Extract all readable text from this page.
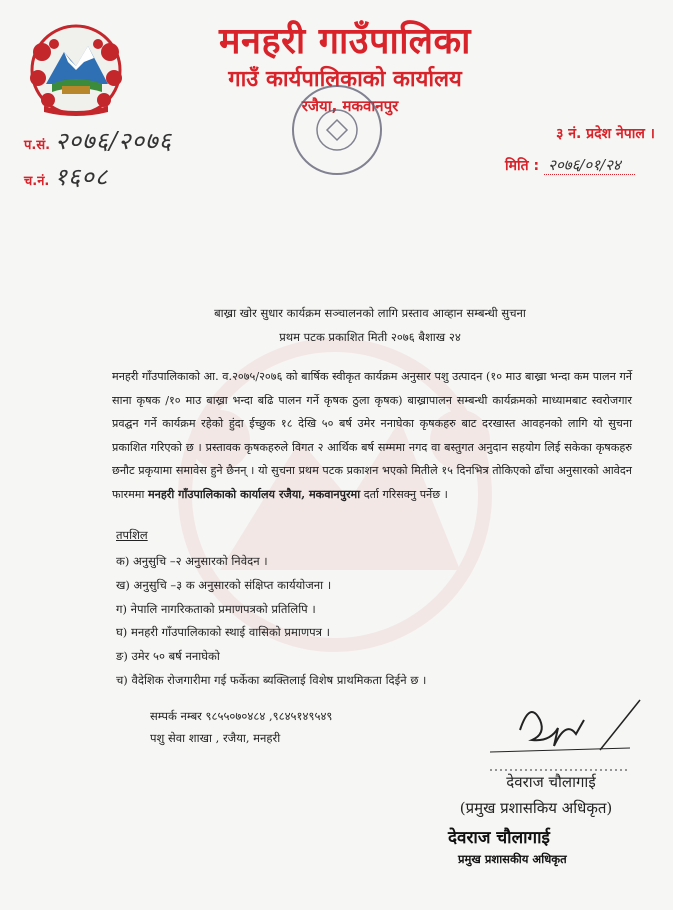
मनहरी गाउँपालिका
गाउँ कार्यपालिकाको कार्यालय
रजैया, मकवानपुर
प.सं. २०७६/२०७६
च.नं. १६०८
३ नं. प्रदेश नेपाल ।
मिति : २०७६/०१/२४
बाख्रा खोर सुधार कार्यक्रम सञ्चालनको लागि प्रस्ताव आव्हान सम्बन्धी सुचना
प्रथम पटक प्रकाशित मिती २०७६ बैशाख २४
मनहरी गाँउपालिकाको आ. व.२०७५/२०७६ को बार्षिक स्वीकृत कार्यक्रम अनुसार पशु उत्पादन (१० माउ बाख्रा भन्दा कम पालन गर्ने साना कृषक /१० माउ बाख्रा भन्दा बढि पालन गर्ने कृषक ठुला कृषक) बाख्रापालन सम्बन्धी कार्यक्रमको माध्यामबाट स्वरोजगार प्रवद्घन गर्ने कार्यक्रम रहेको हुंदा ईच्छुक १८ देखि ५० बर्ष उमेर ननाघेका कृषकहरु बाट दरखास्त आवहनको लागि यो सुचना प्रकाशित गरिएको छ । प्रस्तावक कृषकहरुले विगत २ आर्थिक बर्ष सम्ममा नगद वा बस्तुगत अनुदान सहयोग लिई सकेका कृषकहरु छनौट प्रकृयामा समावेस हुने छैनन् । यो सुचना प्रथम पटक प्रकाशन भएको मितीले १५ दिनभित्र तोकिएको ढाँचा अनुसारको आवेदन फारममा मनहरी गाँउपालिकाको कार्यालय रजैया, मकवानपुरमा दर्ता गरिसक्नु पर्नेछ ।
तपशिल
क) अनुसुचि –२ अनुसारको निवेदन ।
ख) अनुसुचि –३ क अनुसारको संक्षिप्त कार्ययोजना ।
ग) नेपालि नागरिकताको प्रमाणपत्रको प्रतिलिपि ।
घ) मनहरी गाँउपालिकाको स्थाई वासिको प्रमाणपत्र ।
ङ) उमेर ५० बर्ष ननाघेको
च) वैदेशिक रोजगारीमा गई फर्केका ब्यक्तिलाई विशेष प्राथमिकता दिईने छ ।
सम्पर्क नम्बर ९८५५०७०४८४ ,९८४५१४९५४९
पशु सेवा शाखा , रजैया, मनहरी
देवराज चौलागाई
(प्रमुख प्रशासकिय अधिकृत)
देवराज चौलागाई
प्रमुख प्रशासकीय अधिकृत
